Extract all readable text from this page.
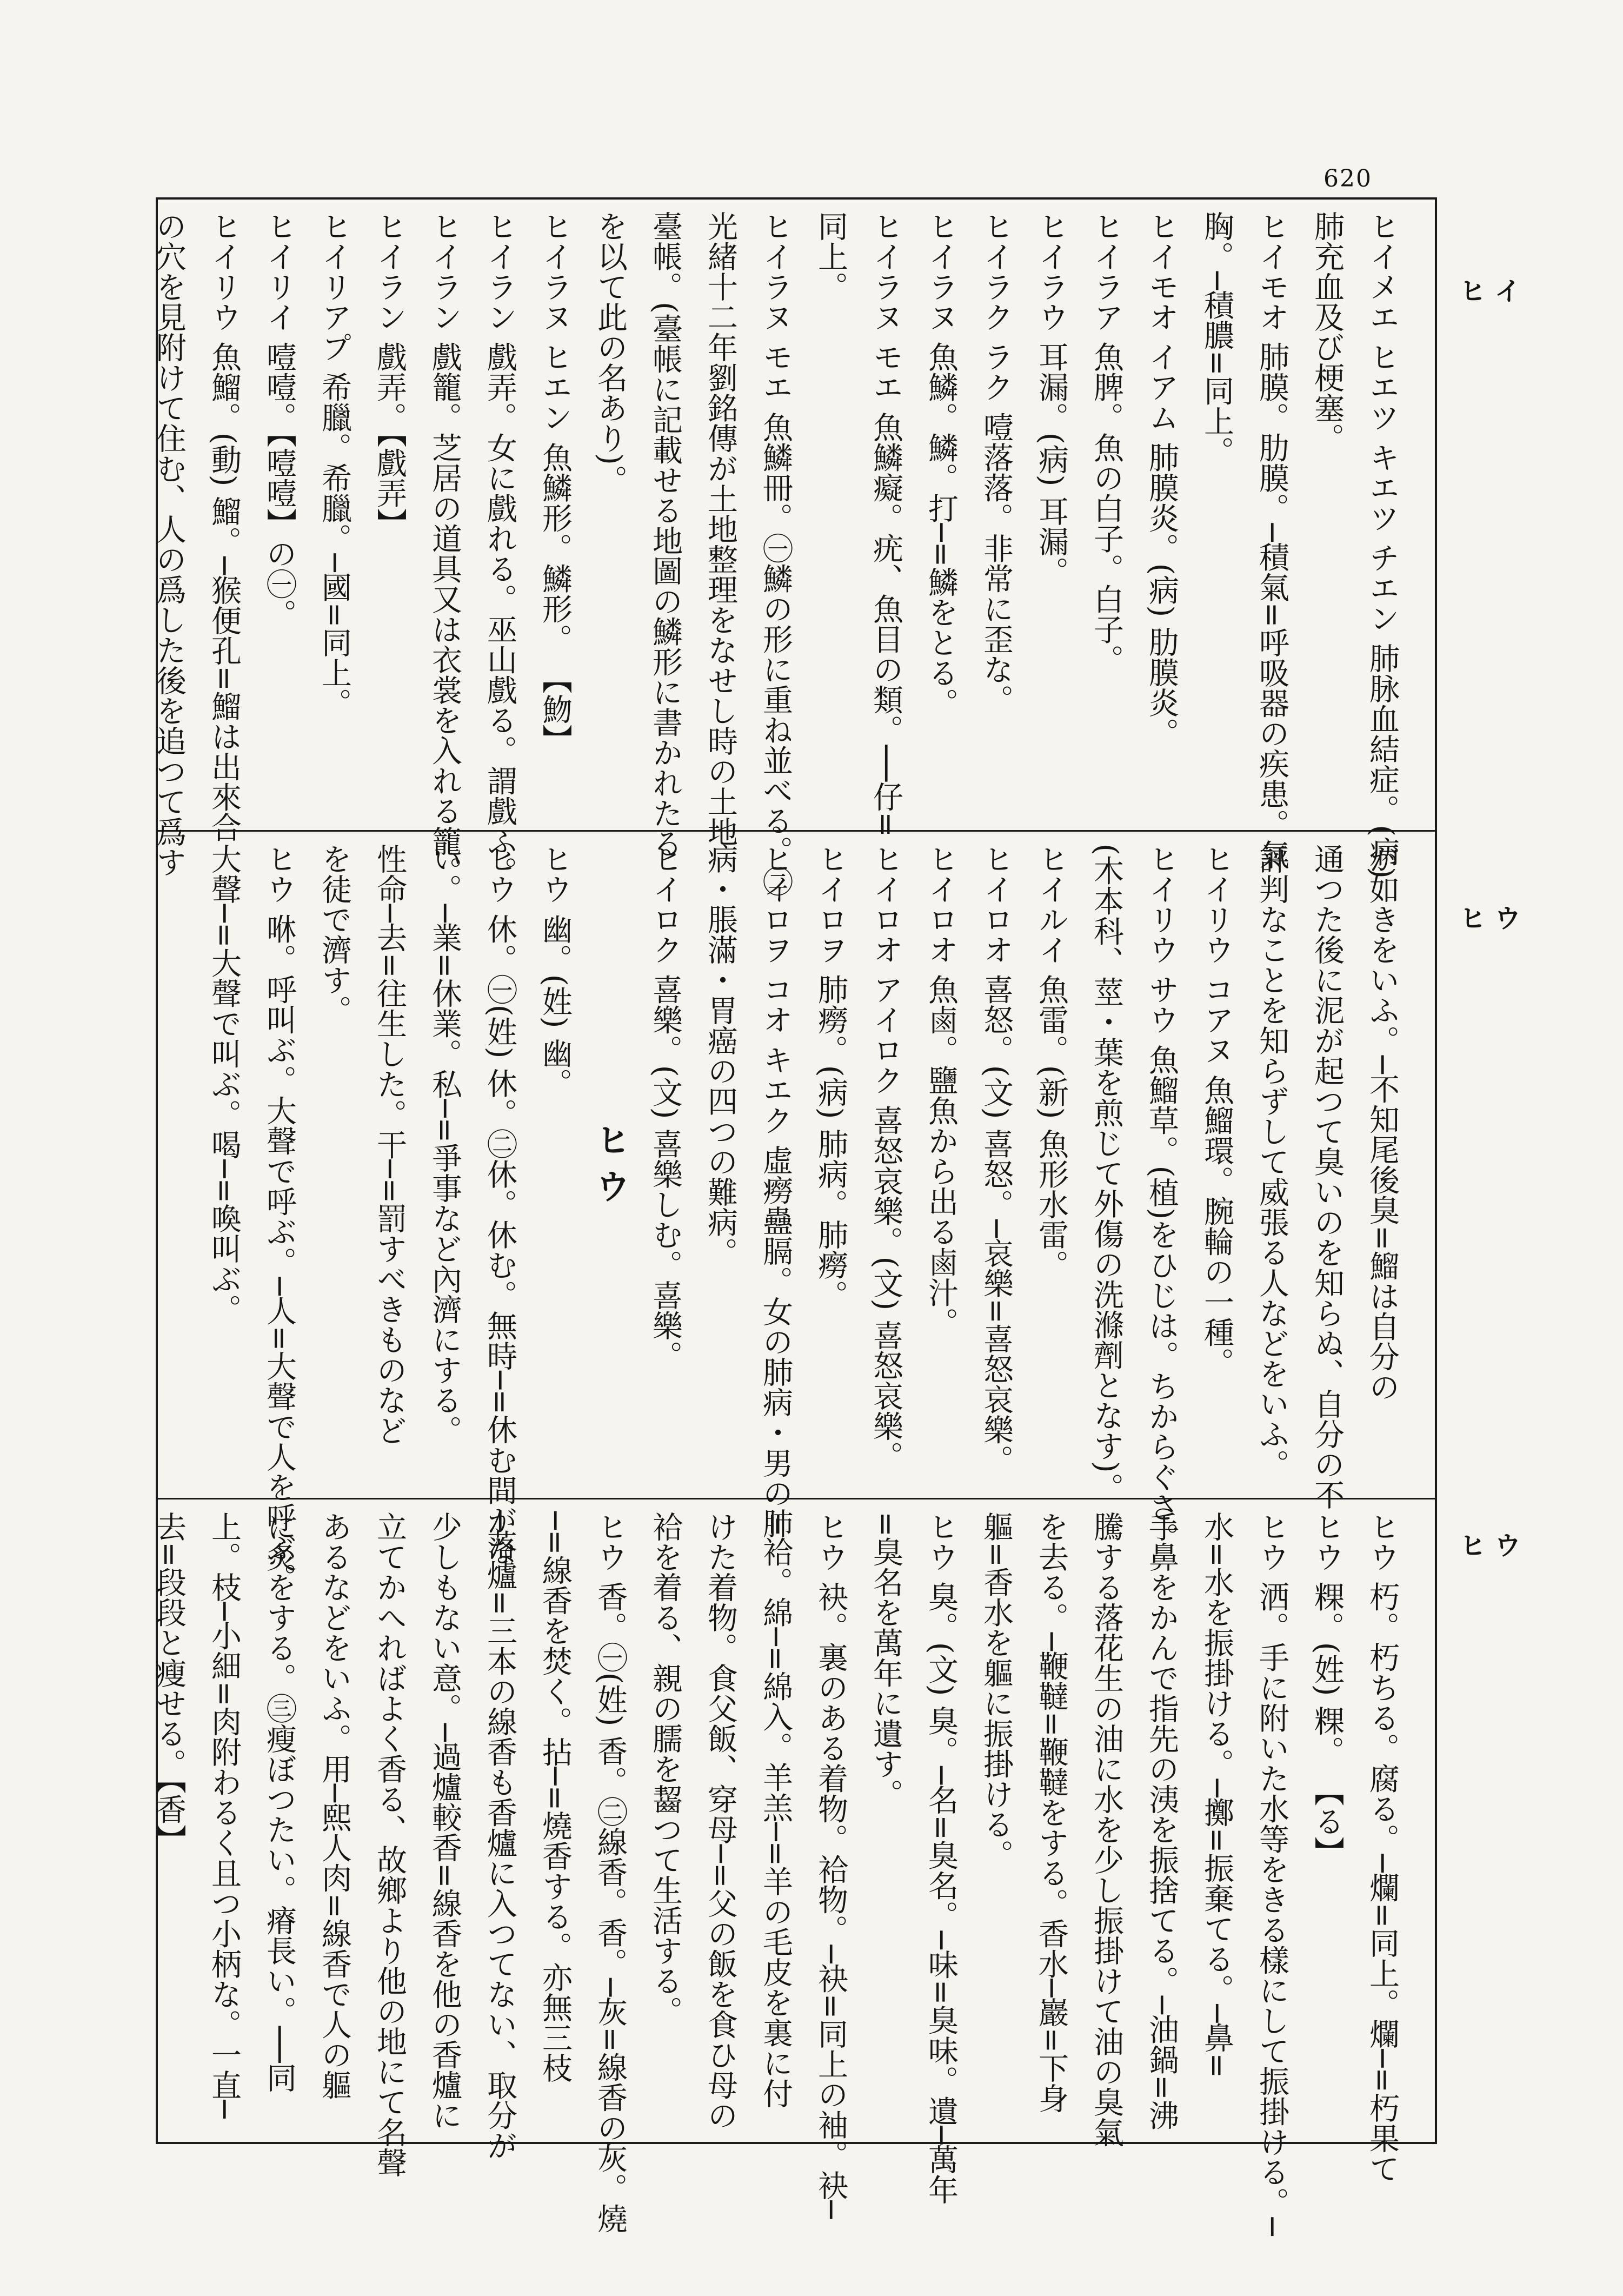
620
ヒ イ
ヒ ウ
ヒ ウ
ヒイメエ ヒエツ キエツ チエン 肺脉血結症。(病)
肺充血及び梗塞。
ヒイモオ 肺膜。肋膜。─積氣=呼吸器の疾患。氣
胸。─積膿=同上。
ヒイモオ イアム 肺膜炎。(病) 肋膜炎。
ヒイラア 魚脾。魚の白子。白子。
ヒイラウ 耳漏。(病) 耳漏。
ヒイラク ラク 噎落落。非常に歪な。
ヒイラヌ 魚鱗。鱗。打─=鱗をとる。
ヒイラヌ モエ 魚鱗癡。疣、魚目の類。──仔=
同上。
ヒイラヌ モエ 魚鱗冊。㊀鱗の形に重ね並べる。㊁
光緒十二年劉銘傳が土地整理をなせし時の土地
臺帳。(臺帳に記載せる地圖の鱗形に書かれたる
を以て此の名あり)。
ヒイラヌ ヒエン 魚鱗形。鱗形。 【魩】
ヒイラン 戲弄。女に戲れる。巫山戲る。謂戲ふ。
ヒイラン 戲籠。芝居の道具又は衣裳を入れる籠。
ヒイラン 戲弄。【戲弄】
ヒイリアプ 希臘。希臘。─國=同上。
ヒイリイ 噎噎。【噎噎】の㊀。
ヒイリウ 魚鰡。(動) 鰡。─猴便孔=鰡は出來合
の穴を見附けて住む、人の爲した後を追つて爲す
が如きをいふ。─不知尾後臭=鰡は自分の
通つた後に泥が起つて臭いのを知らぬ、自分の不
評判なことを知らずして威張る人などをいふ。
ヒイリウ コアヌ 魚鰡環。腕輪の一種。
ヒイリウ サウ 魚鰡草。(植)をひじは。ちからぐさ。
(木本科、莖・葉を煎じて外傷の洗滌劑となす)。
ヒイルイ 魚雷。(新) 魚形水雷。
ヒイロオ 喜怒。(文) 喜怒。─哀樂=喜怒哀樂。
ヒイロオ 魚鹵。鹽魚から出る鹵汁。
ヒイロオ アイロク 喜怒哀樂。(文) 喜怒哀樂。
ヒイロヲ 肺癆。(病) 肺病。肺癆。
ヒイロヲ コオ キエク 虛癆蠱膈。女の肺病・男の肺
病・脹滿・胃癌の四つの難病。
ヒイロク 喜樂。(文) 喜樂しむ。喜樂。
ヒ ウ
ヒウ 幽。(姓) 幽。
ヒウ 休。㊀(姓) 休。㊁休。休む。無時─=休む間がな
い。─業=休業。私─=爭事など內濟にする。
性命─去=往生した。干─=罰すべきものなど
を徒で濟す。
ヒウ 咻。呼叫ぶ。大聲で呼ぶ。─人=大聲で人を呼ぶ。
大聲─=大聲で叫ぶ。喝─=喚叫ぶ。
ヒウ 朽。朽ちる。腐る。─爛=同上。爛─=朽果て
ヒウ 粿。(姓) 粿。 【る】
ヒウ 洒。手に附いた水等をきる樣にして振掛ける。─
水=水を振掛ける。─擲=振棄てる。─鼻=
手鼻をかんで指先の洟を振捨てる。─油鍋=沸
騰する落花生の油に水を少し振掛けて油の臭氣
を去る。─鞭韃=鞭韃をする。香水─巖=下身
軀=香水を軀に振掛ける。
ヒウ 臭。(文) 臭。─名=臭名。─味=臭味。遺─萬年
=臭名を萬年に遺す。
ヒウ 袂。裏のある着物。袷物。─袂=同上の袖。袂─
=袷。綿─=綿入。羊羔─=羊の毛皮を裏に付
けた着物。食父飯、穿母─=父の飯を食ひ母の
袷を着る、親の臑を齧つて生活する。
ヒウ 香。㊀(姓) 香。㊁線香。香。─灰=線香の灰。燒
─=線香を焚く。拈─=燒香する。亦無三枝
─落爐=三本の線香も香爐に入つてない、取分が
少しもない意。─過爐較香=線香を他の香爐に
立てかへればよく香る、故鄉より他の地にて名聲
あるなどをいふ。用─熙人肉=線香で人の軀
に炙をする。㊂瘦ぼつたい。瘠長い。──同
上。枝─小細=肉附わるく且つ小柄な。一直─
去=段段と瘦せる。【香】
